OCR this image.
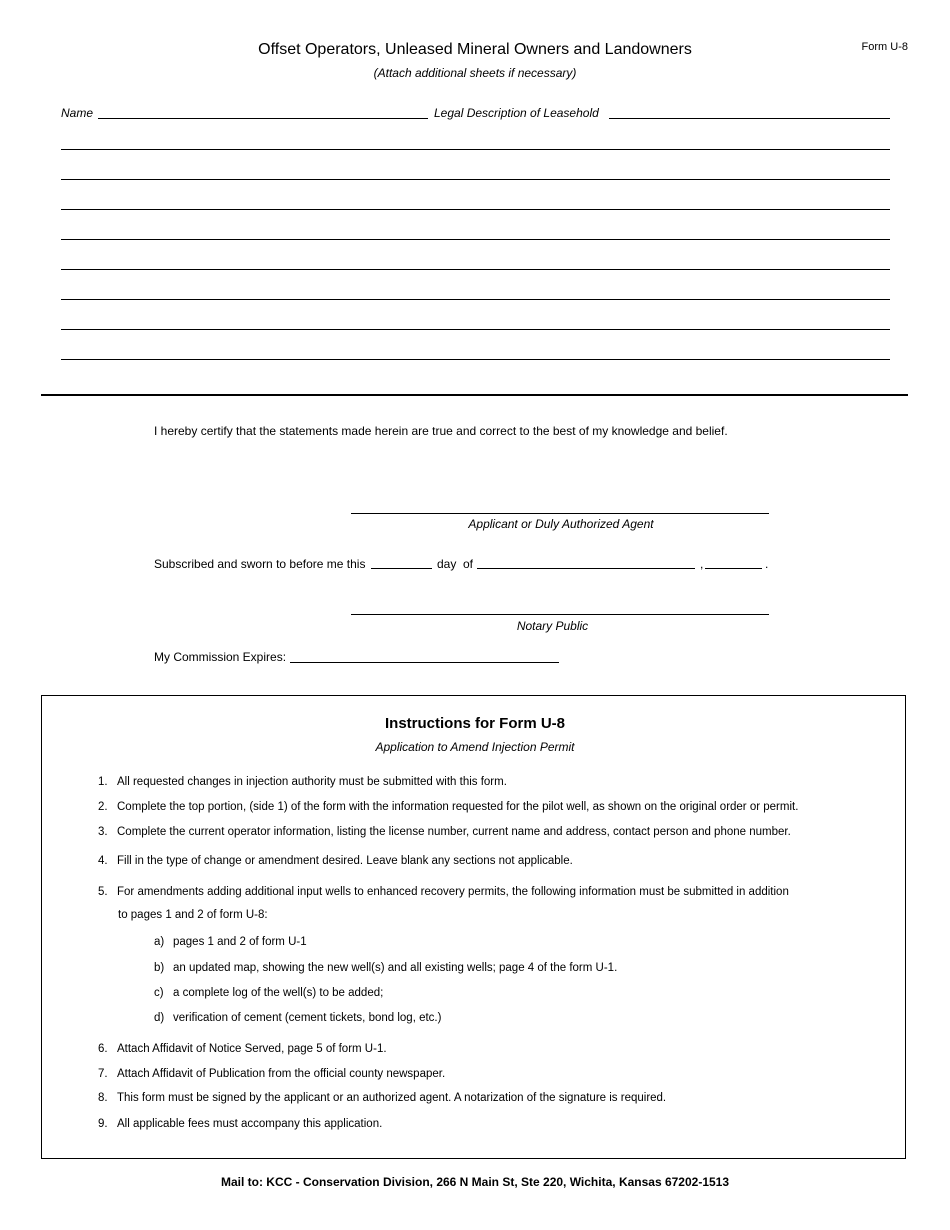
Form U-8
Offset Operators, Unleased Mineral Owners and Landowners
(Attach additional sheets if necessary)
Name	Legal Description of Leasehold
I hereby certify that the statements made herein are true and correct to the best of my knowledge and belief.
Applicant or Duly Authorized Agent
Subscribed and sworn to before me this	day of	,	.
Notary Public
My Commission Expires:
Instructions for Form U-8
Application to Amend Injection Permit
1. All requested changes in injection authority must be submitted with this form.
2. Complete the top portion, (side 1) of the form with the information requested for the pilot well, as shown on the original order or permit.
3. Complete the current operator information, listing the license number, current name and address, contact person and phone number.
4. Fill in the type of change or amendment desired. Leave blank any sections not applicable.
5. For amendments adding additional input wells to enhanced recovery permits, the following information must be submitted in addition
to pages 1 and 2 of form U-8:
a) pages 1 and 2 of form U-1
b) an updated map, showing the new well(s) and all existing wells; page 4 of the form U-1.
c) a complete log of the well(s) to be added;
d) verification of cement (cement tickets, bond log, etc.)
6. Attach Affidavit of Notice Served, page 5 of form U-1.
7. Attach Affidavit of Publication from the official county newspaper.
8. This form must be signed by the applicant or an authorized agent. A notarization of the signature is required.
9. All applicable fees must accompany this application.
Mail to: KCC - Conservation Division, 266 N Main St, Ste 220, Wichita, Kansas 67202-1513
